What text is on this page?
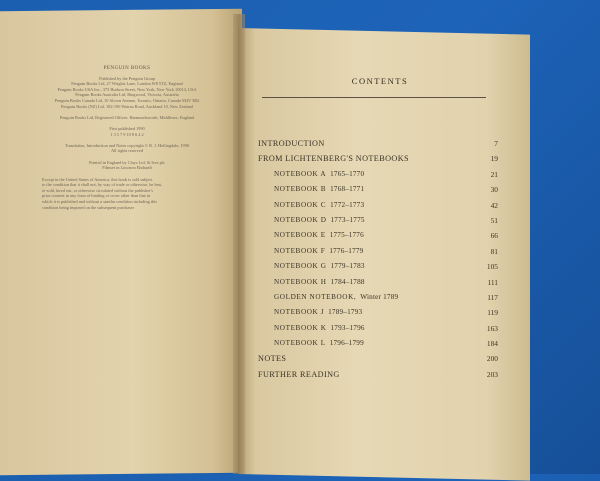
PENGUIN BOOKS
Published by the Penguin Group
Penguin Books Ltd, 27 Wrights Lane, London W8 5TZ, England
Penguin Books USA Inc., 375 Hudson Street, New York, New York 10014, USA
Penguin Books Australia Ltd, Ringwood, Victoria, Australia
Penguin Books Canada Ltd, 10 Alcorn Avenue, Toronto, Ontario, Canada M4V 3B2
Penguin Books (NZ) Ltd, 182-190 Wairau Road, Auckland 10, New Zealand

Penguin Books Ltd, Registered Offices: Harmondsworth, Middlesex, England

First published 1990
1 3 5 7 9 10 8 6 4 2

Translation, Introduction and Notes copyright © R. J. Hollingdale, 1990
All rights reserved

Printed in England by Clays Ltd, St Ives plc
Filmset in Linotron Ehrhardt
Except in the United States of America, this book is sold subject
to the condition that it shall not, by way of trade or otherwise, be lent,
re-sold, hired out, or otherwise circulated without the publisher's
prior consent in any form of binding or cover other than that in
which it is published and without a similar condition including this
condition being imposed on the subsequent purchaser
CONTENTS
INTRODUCTION	7
FROM LICHTENBERG'S NOTEBOOKS	19
NOTEBOOK A 1765–1770	21
NOTEBOOK B 1768–1771	30
NOTEBOOK C 1772–1773	42
NOTEBOOK D 1773–1775	51
NOTEBOOK E 1775–1776	66
NOTEBOOK F 1776–1779	81
NOTEBOOK G 1779–1783	105
NOTEBOOK H 1784–1788	111
GOLDEN NOTEBOOK, Winter 1789	117
NOTEBOOK J 1789–1793	119
NOTEBOOK K 1793–1796	163
NOTEBOOK L 1796–1799	184
NOTES	200
FURTHER READING	203
